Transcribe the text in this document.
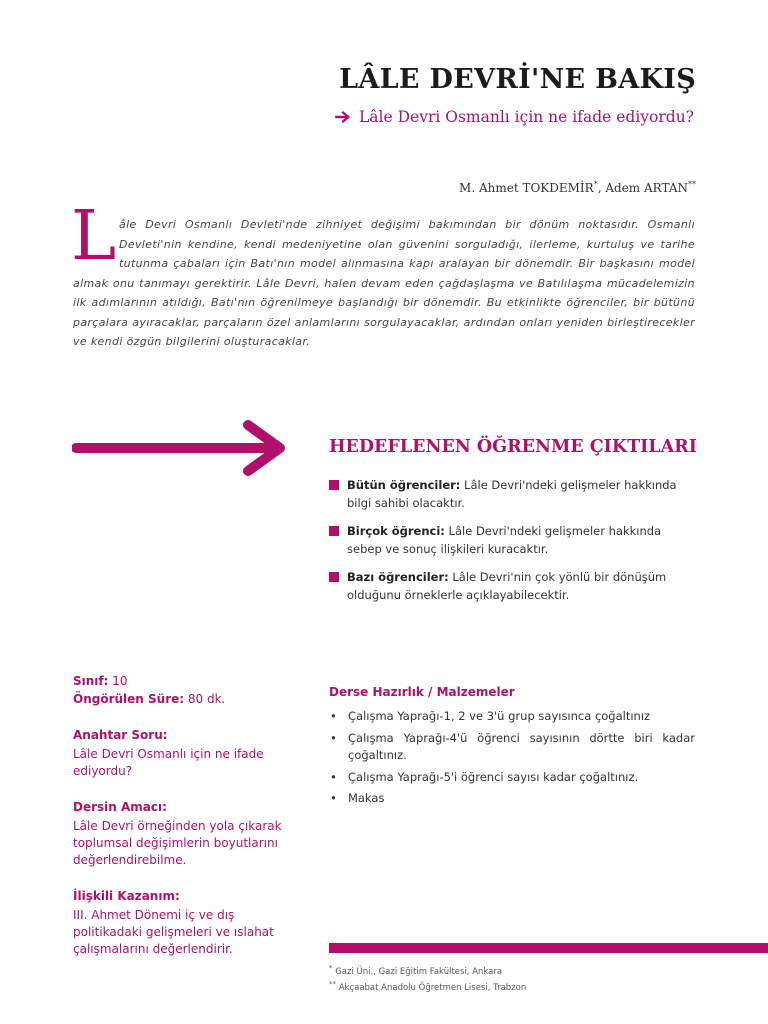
LÂLE DEVRİ'NE BAKIŞ
Lâle Devri Osmanlı için ne ifade ediyordu?
M. Ahmet TOKDEMİR*, Adem ARTAN**
L âle Devri Osmanlı Devleti'nde zihniyet değişimi bakımından bir dönüm noktasıdır. Osmanlı Devleti'nin kendine, kendi medeniyetine olan güvenini sorguladığı, ilerleme, kurtuluş ve tarihe tutunma çabaları için Batı'nın model alınmasına kapı aralayan bir dönemdir. Bir başkasını model almak onu tanımayı gerektirir. Lâle Devri, halen devam eden çağdaşlaşma ve Batılılaşma mücadelemizin ilk adımlarının atıldığı, Batı'nın öğrenilmeye başlandığı bir dönemdir. Bu etkinlikte öğrenciler, bir bütünü parçalara ayıracaklar, parçaların özel anlamlarını sorgulayacaklar, ardından onları yeniden birleştirecekler ve kendi özgün bilgilerini oluşturacaklar.

HEDEFLENEN ÖĞRENME ÇIKTILARI

Bütün öğrenciler: Lâle Devri'ndeki gelişmeler hakkında bilgi sahibi olacaktır.

Birçok öğrenci: Lâle Devri'ndeki gelişmeler hakkında sebep ve sonuç ilişkileri kuracaktır.

Bazı öğrenciler: Lâle Devri'nin çok yönlü bir dönüşüm olduğunu örneklerle açıklayabilecektir.

Sınıf: 10

Öngörülen Süre: 80 dk.

Anahtar Soru:

Lâle Devri Osmanlı için ne ifade ediyordu?

Dersin Amacı:

Lâle Devri örneğinden yola çıkarak toplumsal değişimlerin boyutlarını değerlendirebilme.

İlişkili Kazanım:

III. Ahmet Dönemi iç ve dış politikadaki gelişmeleri ve ıslahat çalışmalarını değerlendirir.

Derse Hazırlık / Malzemeler
• Çalışma Yaprağı-1, 2 ve 3'ü grup sayısınca çoğaltınız
• Çalışma Yaprağı-4'ü öğrenci sayısının dörtte biri kadar çoğaltınız.
• Çalışma Yaprağı-5'i öğrenci sayısı kadar çoğaltınız.
• Makas

* Gazi Üni., Gazi Eğitim Fakültesi, Ankara

** Akçaabat Anadolu Öğretmen Lisesi, Trabzon
